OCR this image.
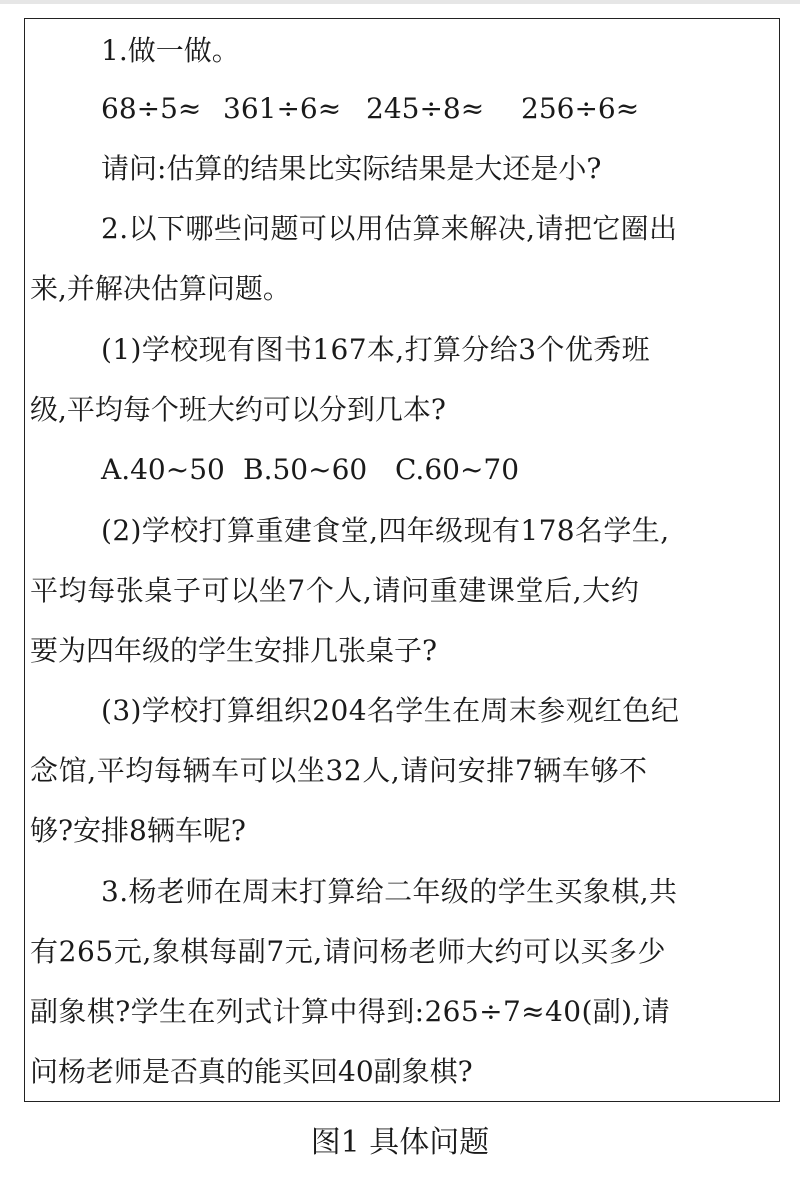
1.做一做。
68÷5≈ 361÷6≈ 245÷8≈ 256÷6≈
请问:估算的结果比实际结果是大还是小?
2.以下哪些问题可以用估算来解决,请把它圈出
来,并解决估算问题。
(1)学校现有图书167本,打算分给3个优秀班
级,平均每个班大约可以分到几本?
A.40~50 B.50~60 C.60~70
(2)学校打算重建食堂,四年级现有178名学生,
平均每张桌子可以坐7个人,请问重建课堂后,大约
要为四年级的学生安排几张桌子?
(3)学校打算组织204名学生在周末参观红色纪
念馆,平均每辆车可以坐32人,请问安排7辆车够不
够?安排8辆车呢?
3.杨老师在周末打算给二年级的学生买象棋,共
有265元,象棋每副7元,请问杨老师大约可以买多少
副象棋?学生在列式计算中得到:265÷7≈40(副),请
问杨老师是否真的能买回40副象棋?
图1 具体问题
